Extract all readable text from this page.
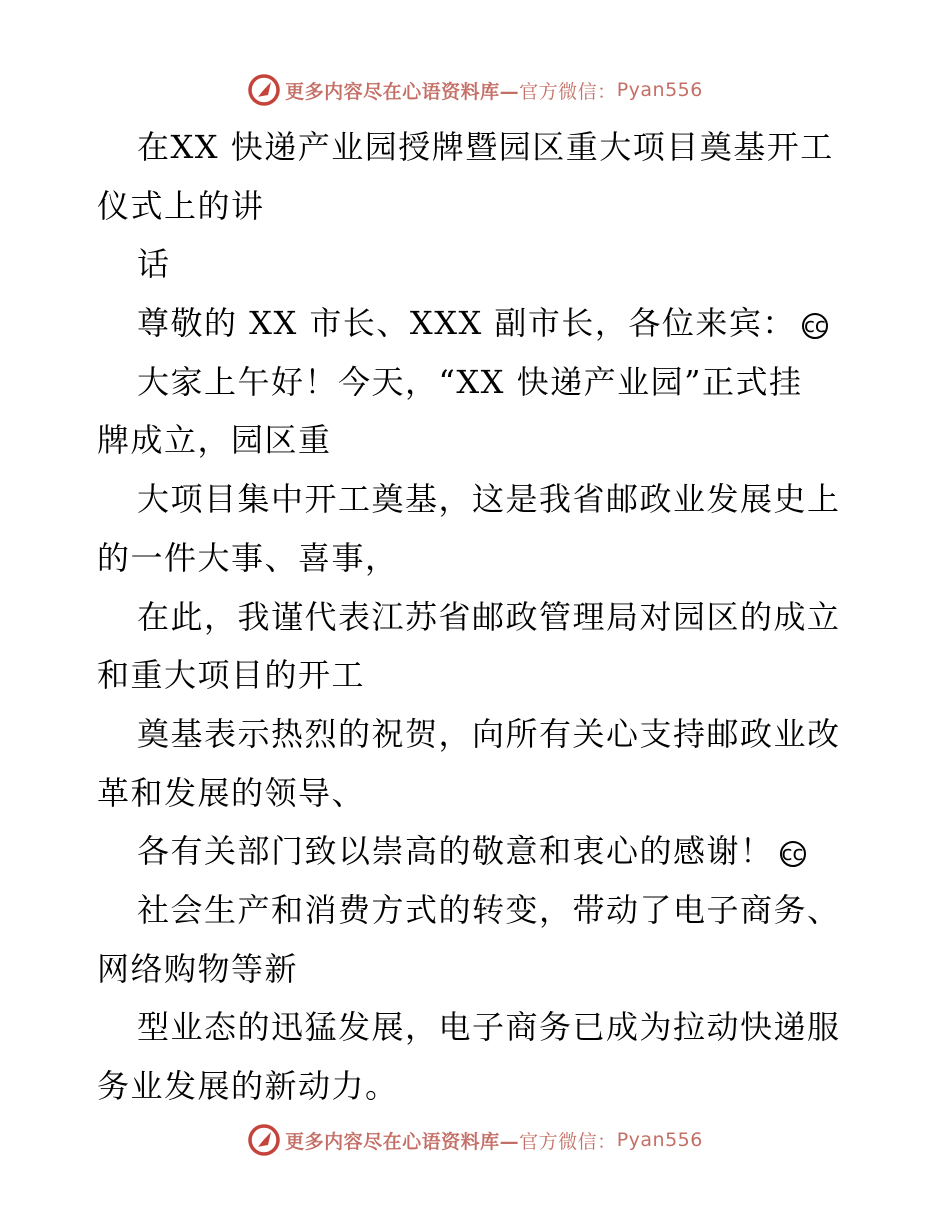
更多内容尽在心语资料库— 官方微信： Pyan556
在XX 快递产业园授牌暨园区重大项目奠基开工
仪式上的讲
话
尊敬的 XX 市长、XXX 副市长，各位来宾： cc
大家上午好！今天，“XX 快递产业园”正式挂
牌成立，园区重
大项目集中开工奠基，这是我省邮政业发展史上
的一件大事、喜事，
在此，我谨代表江苏省邮政管理局对园区的成立
和重大项目的开工
奠基表示热烈的祝贺，向所有关心支持邮政业改
革和发展的领导、
各有关部门致以崇高的敬意和衷心的感谢！ cc
社会生产和消费方式的转变，带动了电子商务、
网络购物等新
型业态的迅猛发展，电子商务已成为拉动快递服
务业发展的新动力。
更多内容尽在心语资料库— 官方微信： Pyan556
